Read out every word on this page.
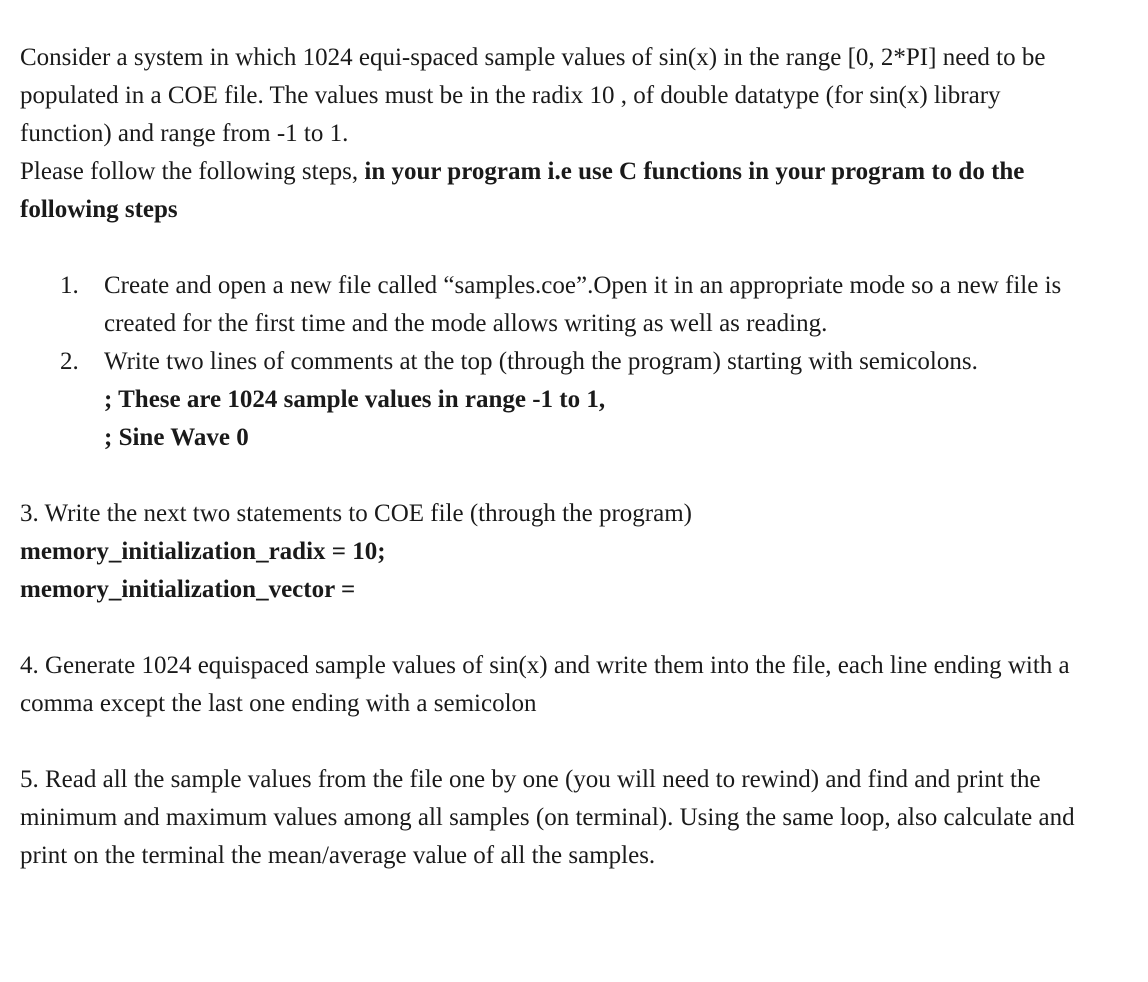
Consider a system in which 1024 equi-spaced sample values of sin(x) in the range [0, 2*PI] need to be populated in a COE file. The values must be in the radix 10 , of double datatype (for sin(x) library function) and range from -1 to 1.

Please follow the following steps, in your program i.e use C functions in your program to do the following steps

1. Create and open a new file called “samples.coe”.Open it in an appropriate mode so a new file is created for the first time and the mode allows writing as well as reading.
2. Write two lines of comments at the top (through the program) starting with semicolons.
; These are 1024 sample values in range -1 to 1,
; Sine Wave 0

3. Write the next two statements to COE file (through the program)

memory_initialization_radix = 10;

memory_initialization_vector =

4. Generate 1024 equispaced sample values of sin(x) and write them into the file, each line ending with a comma except the last one ending with a semicolon

5. Read all the sample values from the file one by one (you will need to rewind) and find and print the minimum and maximum values among all samples (on terminal). Using the same loop, also calculate and print on the terminal the mean/average value of all the samples.
